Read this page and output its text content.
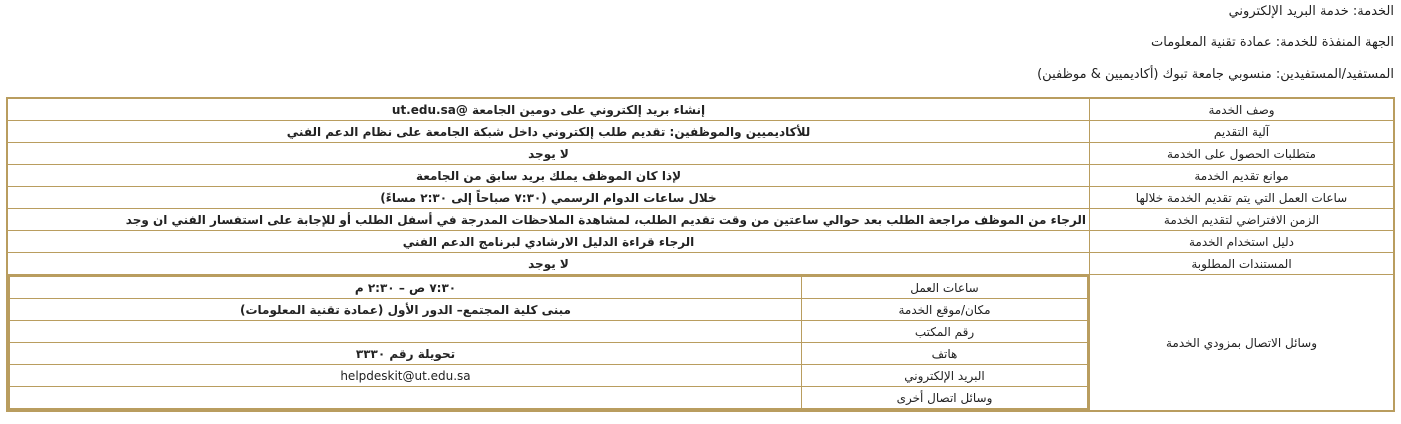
الخدمة: خدمة البريد الإلكتروني
الجهة المنفذة للخدمة: عمادة تقنية المعلومات
المستفيد/المستفيدين: منسوبي جامعة تبوك (أكاديميين & موظفين)
وصف الخدمة	إنشاء بريد إلكتروني على دومين الجامعة @ut.edu.sa
آلية التقديم	للأكاديميين والموظفين: تقديم طلب إلكتروني داخل شبكة الجامعة على نظام الدعم الفني
متطلبات الحصول على الخدمة	لا يوجد
موانع تقديم الخدمة	لإذا كان الموظف يملك بريد سابق من الجامعة
ساعات العمل التي يتم تقديم الخدمة خلالها	خلال ساعات الدوام الرسمي (٧:٣٠ صباحاً إلى ٢:٣٠ مساءً)
الزمن الافتراضي لتقديم الخدمة	الرجاء من الموظف مراجعة الطلب بعد حوالي ساعتين من وقت تقديم الطلب، لمشاهدة الملاحظات المدرجة في أسفل الطلب أو للإجابة على استفسار الفني ان وجد
دليل استخدام الخدمة	الرجاء قراءة الدليل الارشادي لبرنامج الدعم الفني
المستندات المطلوبة	لا يوجد
وسائل الاتصال بمزودي الخدمة	
ساعات العمل	٧:٣٠ ص – ٢:٣٠ م
مكان/موقع الخدمة	مبنى كلية المجتمع– الدور الأول (عمادة تقنية المعلومات)
رقم المكتب	
هاتف	تحويلة رقم ٣٣٣٠
البريد الإلكتروني	helpdeskit@ut.edu.sa
وسائل اتصال أخرى	
